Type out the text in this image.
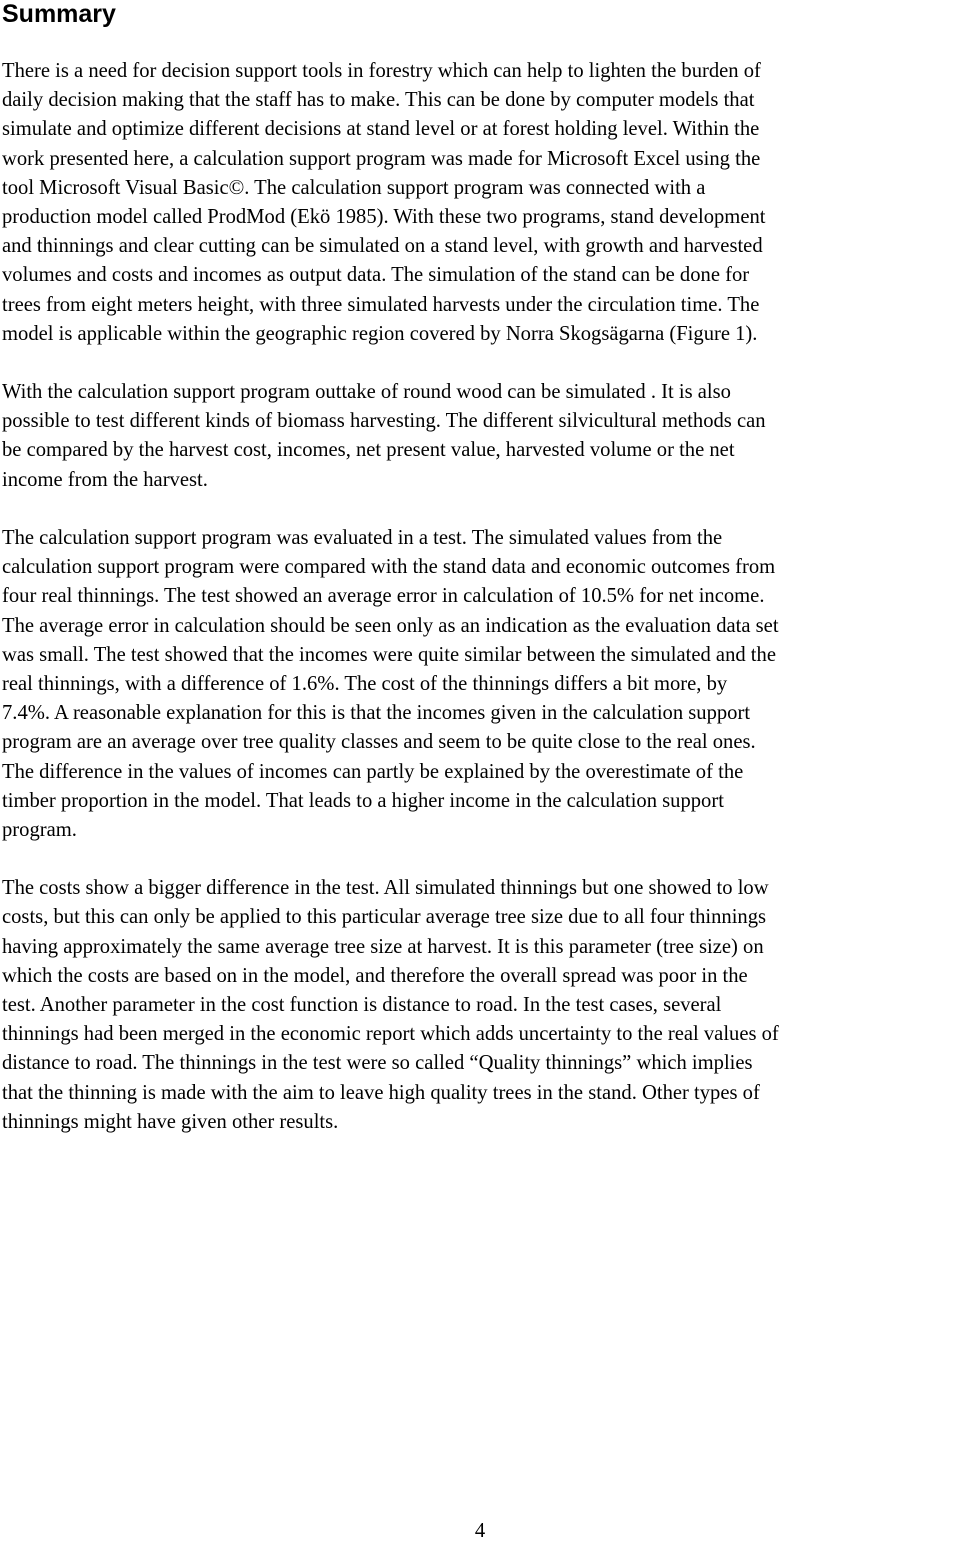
Summary

There is a need for decision support tools in forestry which can help to lighten the burden of
daily decision making that the staff has to make. This can be done by computer models that
simulate and optimize different decisions at stand level or at forest holding level. Within the
work presented here, a calculation support program was made for Microsoft Excel using the
tool Microsoft Visual Basic©. The calculation support program was connected with a
production model called ProdMod (Ekö 1985). With these two programs, stand development
and thinnings and clear cutting can be simulated on a stand level, with growth and harvested
volumes and costs and incomes as output data. The simulation of the stand can be done for
trees from eight meters height, with three simulated harvests under the circulation time. The
model is applicable within the geographic region covered by Norra Skogsägarna (Figure 1).

With the calculation support program outtake of round wood can be simulated . It is also
possible to test different kinds of biomass harvesting. The different silvicultural methods can
be compared by the harvest cost, incomes, net present value, harvested volume or the net
income from the harvest.

The calculation support program was evaluated in a test. The simulated values from the
calculation support program were compared with the stand data and economic outcomes from
four real thinnings. The test showed an average error in calculation of 10.5% for net income.
The average error in calculation should be seen only as an indication as the evaluation data set
was small. The test showed that the incomes were quite similar between the simulated and the
real thinnings, with a difference of 1.6%. The cost of the thinnings differs a bit more, by
7.4%. A reasonable explanation for this is that the incomes given in the calculation support
program are an average over tree quality classes and seem to be quite close to the real ones.
The difference in the values of incomes can partly be explained by the overestimate of the
timber proportion in the model. That leads to a higher income in the calculation support
program.

The costs show a bigger difference in the test. All simulated thinnings but one showed to low
costs, but this can only be applied to this particular average tree size due to all four thinnings
having approximately the same average tree size at harvest. It is this parameter (tree size) on
which the costs are based on in the model, and therefore the overall spread was poor in the
test. Another parameter in the cost function is distance to road. In the test cases, several
thinnings had been merged in the economic report which adds uncertainty to the real values of
distance to road. The thinnings in the test were so called “Quality thinnings” which implies
that the thinning is made with the aim to leave high quality trees in the stand. Other types of
thinnings might have given other results.

4
